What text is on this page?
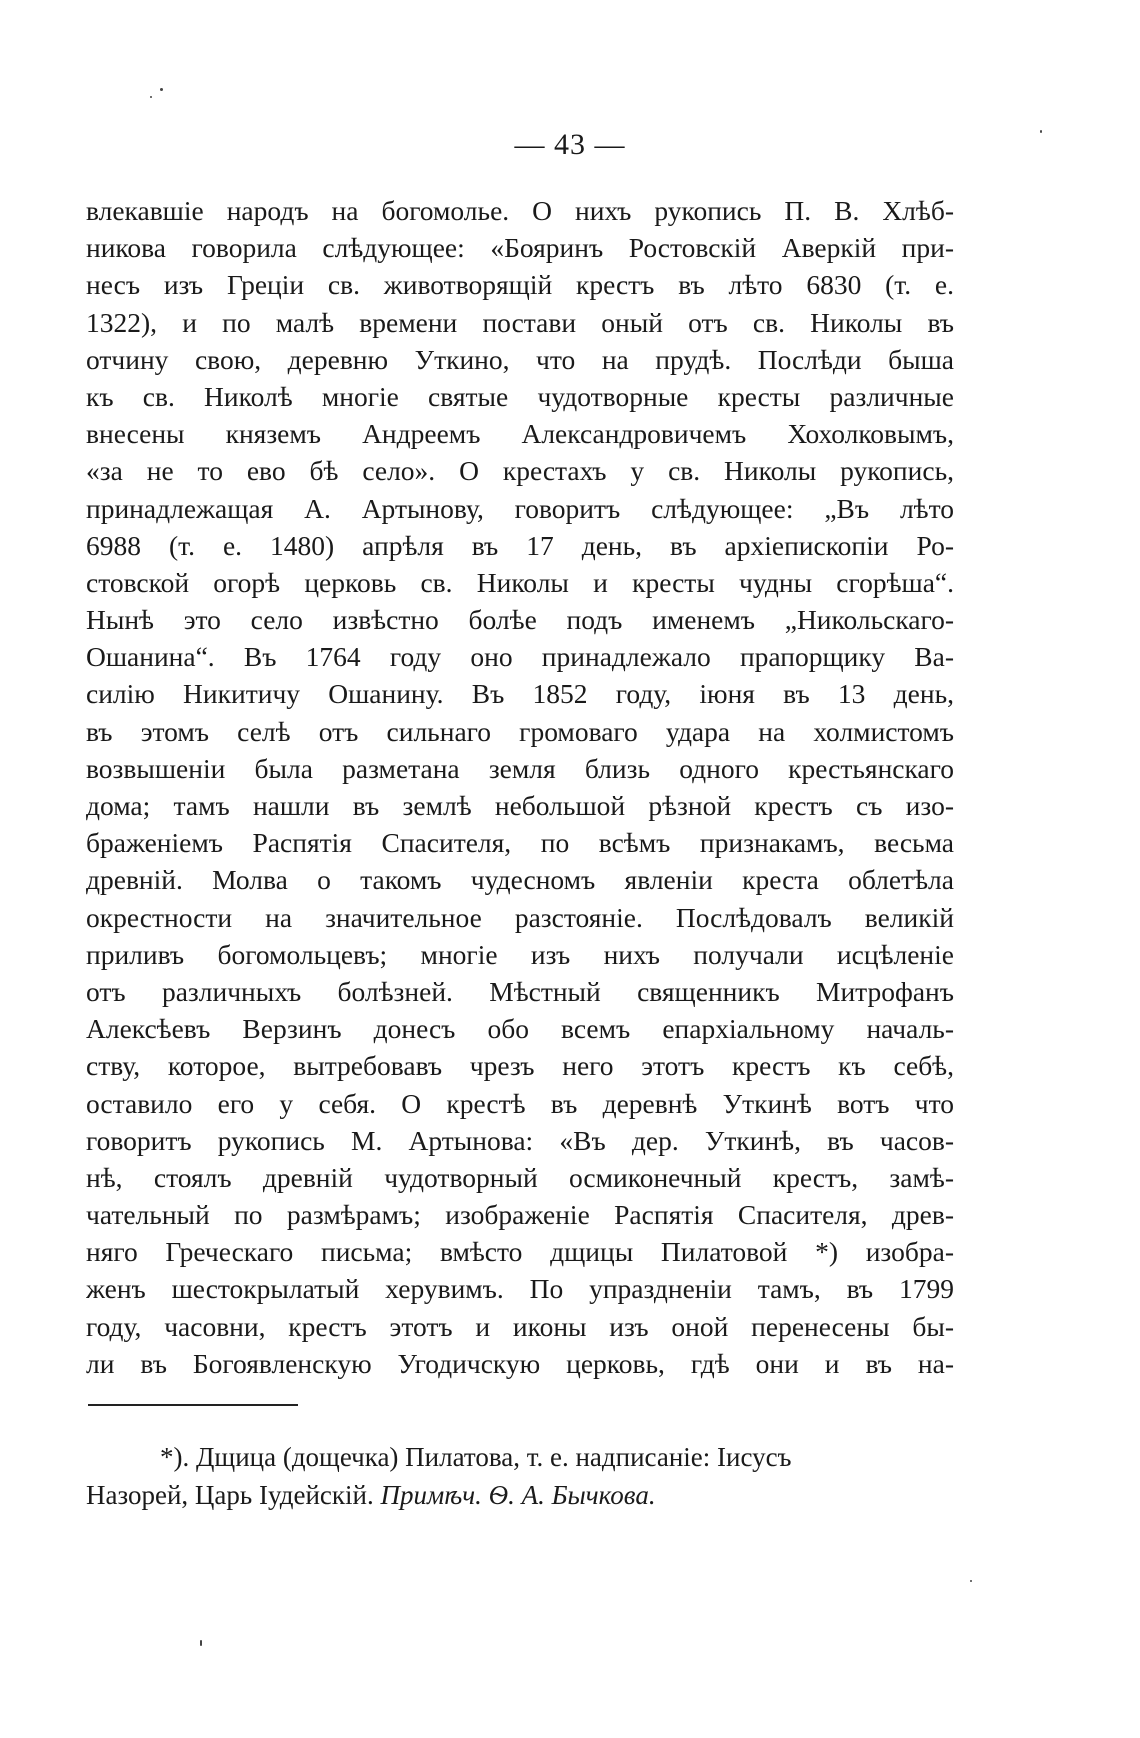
— 43 —
влекавшіе народъ на богомолье. О нихъ рукопись П. В. Хлѣб-
никова говорила слѣдующее: «Бояринъ Ростовскій Аверкій при-
несъ изъ Греціи св. животворящій крестъ въ лѣто 6830 (т. е.
1322), и по малѣ времени постави оный отъ св. Николы въ
отчину свою, деревню Уткино, что на прудѣ. Послѣди быша
къ св. Николѣ многіе святые чудотворные кресты различные
внесены княземъ Андреемъ Александровичемъ Хохолковымъ,
«за не то ево бѣ село». О крестахъ у св. Николы рукопись,
принадлежащая А. Артынову, говоритъ слѣдующее: „Въ лѣто
6988 (т. е. 1480) апрѣля въ 17 день, въ архіепископіи Ро-
стовской огорѣ церковь св. Николы и кресты чудны сгорѣша“.
Нынѣ это село извѣстно болѣе подъ именемъ „Никольскаго-
Ошанина“. Въ 1764 году оно принадлежало прапорщику Ва-
силію Никитичу Ошанину. Въ 1852 году, іюня въ 13 день,
въ этомъ селѣ отъ сильнаго громоваго удара на холмистомъ
возвышеніи была разметана земля близь одного крестьянскаго
дома; тамъ нашли въ землѣ небольшой рѣзной крестъ съ изо-
браженіемъ Распятія Спасителя, по всѣмъ признакамъ, весьма
древній. Молва о такомъ чудесномъ явленіи креста облетѣла
окрестности на значительное разстояніе. Послѣдовалъ великій
приливъ богомольцевъ; многіе изъ нихъ получали исцѣленіе
отъ различныхъ болѣзней. Мѣстный священникъ Митрофанъ
Алексѣевъ Верзинъ донесъ обо всемъ епархіальному началь-
ству, которое, вытребовавъ чрезъ него этотъ крестъ къ себѣ,
оставило его у себя. О крестѣ въ деревнѣ Уткинѣ вотъ что
говоритъ рукопись М. Артынова: «Въ дер. Уткинѣ, въ часов-
нѣ, стоялъ древній чудотворный осмиконечный крестъ, замѣ-
чательный по размѣрамъ; изображеніе Распятія Спасителя, древ-
няго Греческаго письма; вмѣсто дщицы Пилатовой *) изобра-
женъ шестокрылатый херувимъ. По упраздненіи тамъ, въ 1799
году, часовни, крестъ этотъ и иконы изъ оной перенесены бы-
ли въ Богоявленскую Угодичскую церковь, гдѣ они и въ на-
*). Дщица (дощечка) Пилатова, т. е. надписаніе: Іисусъ
Назорей, Царь Іудейскій. Примѣч. Ѳ. А. Бычкова.
